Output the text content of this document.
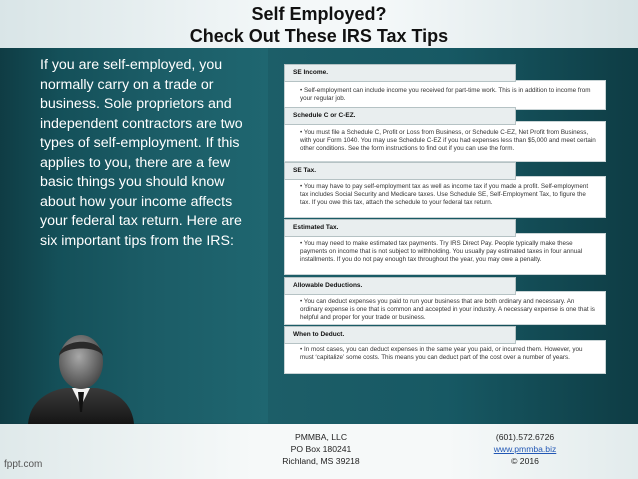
Self Employed?
Check Out These IRS Tax Tips
If you are self-employed, you normally carry on a trade or business. Sole proprietors and independent contractors are two types of self-employment. If this applies to you, there are a few basic things you should know about how your income affects your federal tax return. Here are six important tips from the IRS:

• Self-employment can include income you received for part-time work. This is in addition to income from your regular job.

SE Income.

• You must file a Schedule C, Profit or Loss from Business, or Schedule C-EZ, Net Profit from Business, with your Form 1040. You may use Schedule C-EZ if you had expenses less than $5,000 and meet certain other conditions. See the form instructions to find out if you can use the form.

Schedule C or C-EZ.

• You may have to pay self-employment tax as well as income tax if you made a profit. Self-employment tax includes Social Security and Medicare taxes. Use Schedule SE, Self-Employment Tax, to figure the tax. If you owe this tax, attach the schedule to your federal tax return.

SE Tax.

• You may need to make estimated tax payments. Try IRS Direct Pay. People typically make these payments on income that is not subject to withholding. You usually pay estimated taxes in four annual installments. If you do not pay enough tax throughout the year, you may owe a penalty.

Estimated Tax.

• You can deduct expenses you paid to run your business that are both ordinary and necessary. An ordinary expense is one that is common and accepted in your industry. A necessary expense is one that is helpful and proper for your trade or business.

Allowable Deductions.

• In most cases, you can deduct expenses in the same year you paid, or incurred them. However, you must ‘capitalize’ some costs. This means you can deduct part of the cost over a number of years.

When to Deduct.
PMMBA, LLC
PO Box 180241
Richland, MS 39218
(601).572.6726
www.pmmba.biz
© 2016
fppt.com
